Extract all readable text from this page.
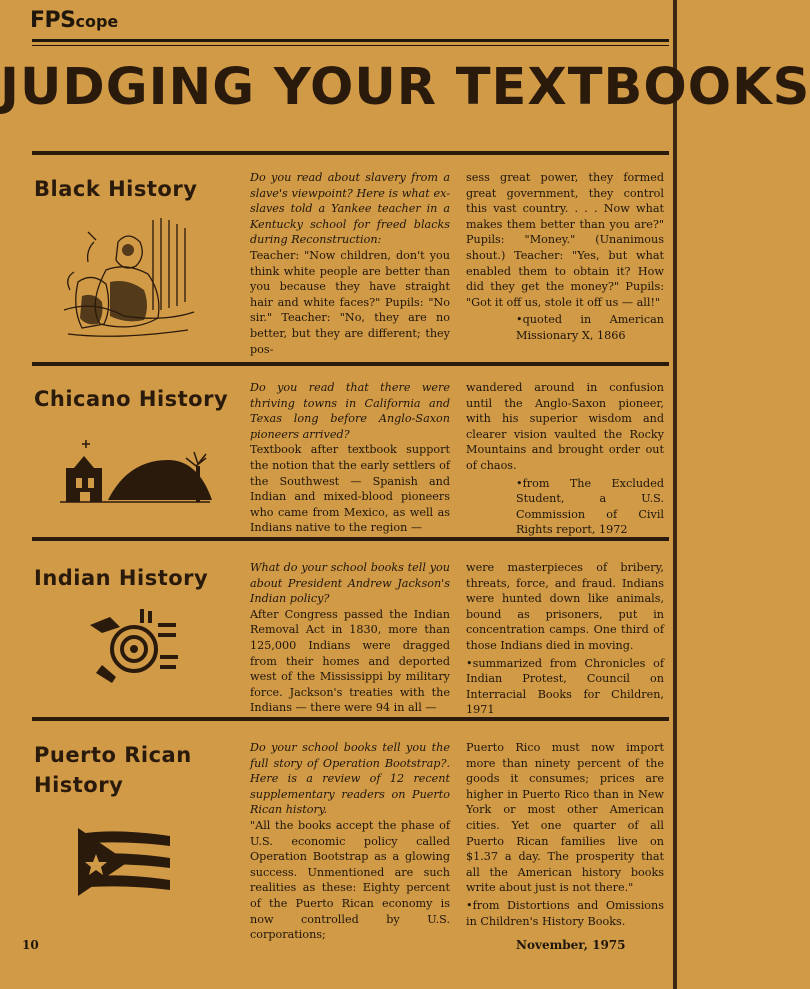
FPScope
JUDGING YOUR TEXTBOOKS
Black History	Do you read about slavery from a slave's viewpoint? Here is what ex-slaves told a Yankee teacher in a Kentucky school for freed blacks during Reconstruction:

Teacher: "Now children, don't you think white people are better than you because they have straight hair and white faces?" Pupils: "No sir." Teacher: "No, they are no better, but they are different; they pos-

sess great power, they formed great government, they control this vast country. . . . Now what makes them better than you are?" Pupils: "Money." (Unanimous shout.) Teacher: "Yes, but what enabled them to obtain it? How did they get the money?" Pupils: "Got it off us, stole it off us — all!"

•quoted in American Missionary X, 1866
Chicano History Do you read that there were thriving towns in California and Texas long before Anglo-Saxon pioneers arrived?

Textbook after textbook support the notion that the early settlers of the Southwest — Spanish and Indian and mixed-blood pioneers who came from Mexico, as well as Indians native to the region —

wandered around in confusion until the Anglo-Saxon pioneer, with his superior wisdom and clearer vision vaulted the Rocky Mountains and brought order out of chaos.

•from The Excluded Student, a U.S. Commission of Civil Rights report, 1972
Indian History	What do your school books tell you about President Andrew Jackson's Indian policy?

After Congress passed the Indian Removal Act in 1830, more than 125,000 Indians were dragged from their homes and deported west of the Mississippi by military force. Jackson's treaties with the Indians — there were 94 in all —

were masterpieces of bribery, threats, force, and fraud. Indians were hunted down like animals, bound as prisoners, put in concentration camps. One third of those Indians died in moving.

•summarized from Chronicles of Indian Protest, Council on Interracial Books for Children, 1971
Puerto Rican
History

Do your school books tell you the full story of Operation Bootstrap?. Here is a review of 12 recent supplementary readers on Puerto Rican history.

"All the books accept the phase of U.S. economic policy called Operation Bootstrap as a glowing success. Unmentioned are such realities as these: Eighty percent of the Puerto Rican economy is now controlled by U.S. corporations;

Puerto Rico must now import more than ninety percent of the goods it consumes; prices are higher in Puerto Rico than in New York or most other American cities. Yet one quarter of all Puerto Rican families live on $1.37 a day. The prosperity that all the American history books write about just is not there."

•from Distortions and Omissions in Children's History Books.
10	November, 1975
